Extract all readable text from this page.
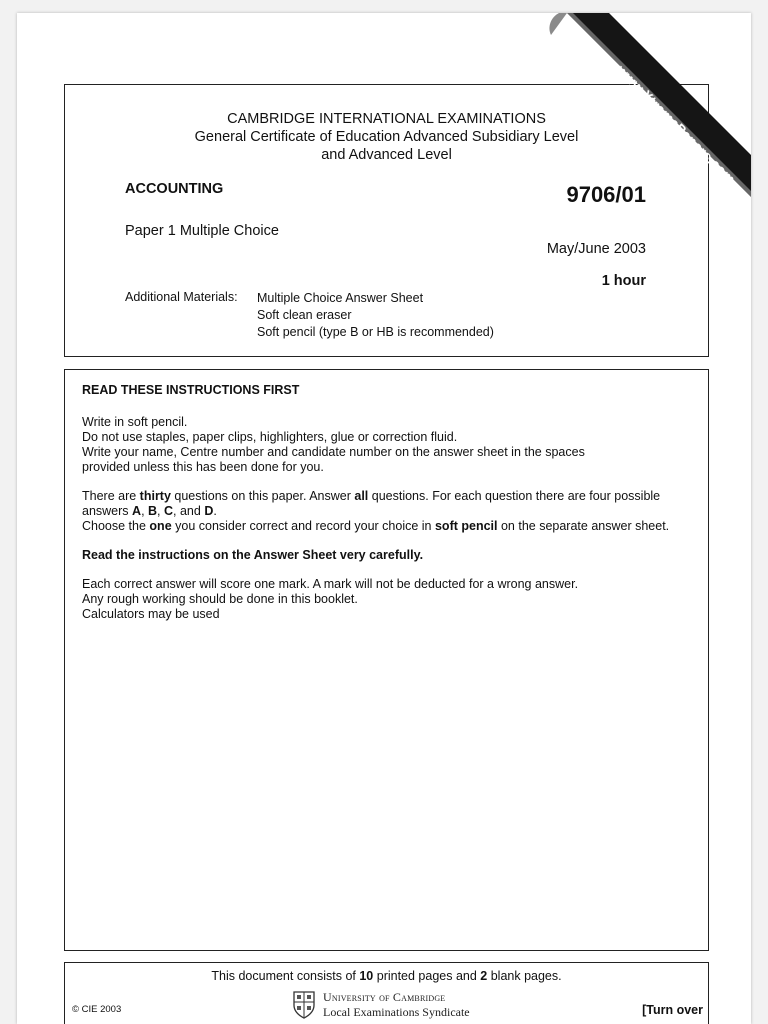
CAMBRIDGE INTERNATIONAL EXAMINATIONS
General Certificate of Education Advanced Subsidiary Level
and Advanced Level
ACCOUNTING	9706/01
Paper 1 Multiple Choice
May/June 2003
1 hour
Additional Materials: Multiple Choice Answer Sheet
Soft clean eraser
Soft pencil (type B or HB is recommended)

READ THESE INSTRUCTIONS FIRST

Write in soft pencil.
Do not use staples, paper clips, highlighters, glue or correction fluid.
Write your name, Centre number and candidate number on the answer sheet in the spaces
provided unless this has been done for you.

There are thirty questions on this paper. Answer all questions. For each question there are four possible
answers A, B, C, and D.
Choose the one you consider correct and record your choice in soft pencil on the separate answer sheet.

Read the instructions on the Answer Sheet very carefully.

Each correct answer will score one mark. A mark will not be deducted for a wrong answer.
Any rough working should be done in this booklet.
Calculators may be used

This document consists of 10 printed pages and 2 blank pages.
© CIE 2003
University of Cambridge
Local Examinations Syndicate	[Turn over
www.XtremePapers.com
